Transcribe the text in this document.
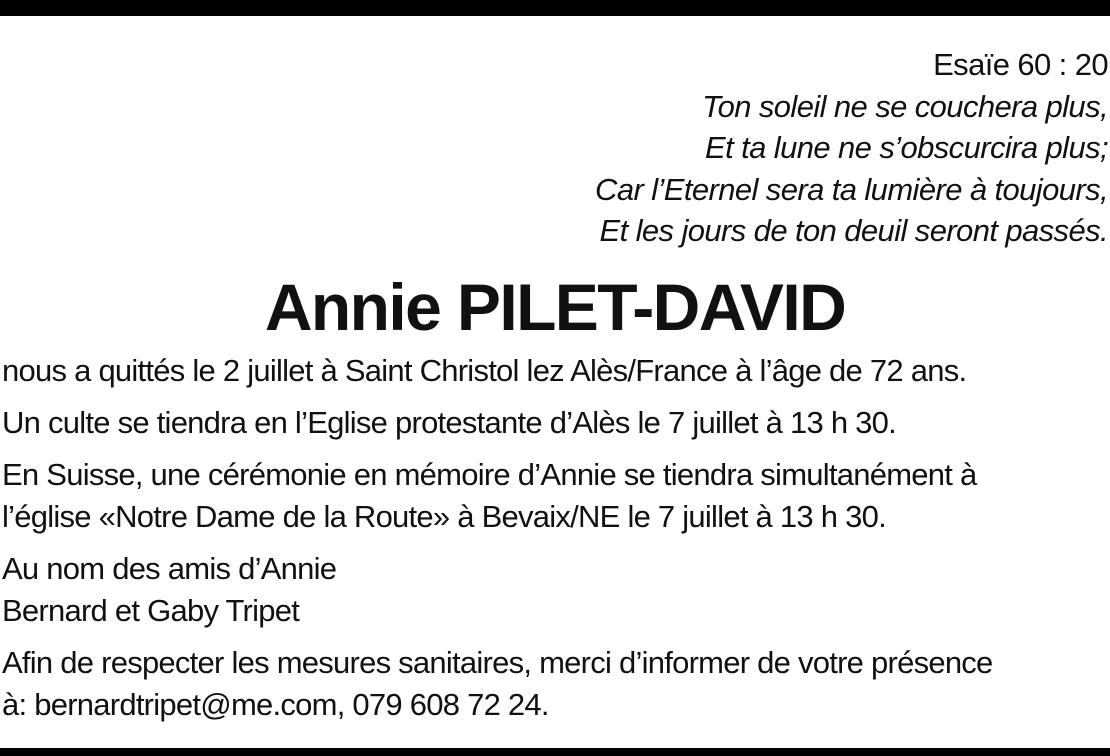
Esaïe 60 : 20
Ton soleil ne se couchera plus,
Et ta lune ne s’obscurcira plus;
Car l’Eternel sera ta lumière à toujours,
Et les jours de ton deuil seront passés.
Annie PILET-DAVID

nous a quittés le 2 juillet à Saint Christol lez Alès/France à l’âge de 72 ans.

Un culte se tiendra en l’Eglise protestante d’Alès le 7 juillet à 13 h 30.

En Suisse, une cérémonie en mémoire d’Annie se tiendra simultanément à
l’église «Notre Dame de la Route» à Bevaix/NE le 7 juillet à 13 h 30.

Au nom des amis d’Annie
Bernard et Gaby Tripet

Afin de respecter les mesures sanitaires, merci d’informer de votre présence
à: bernardtripet@me.com, 079 608 72 24.
